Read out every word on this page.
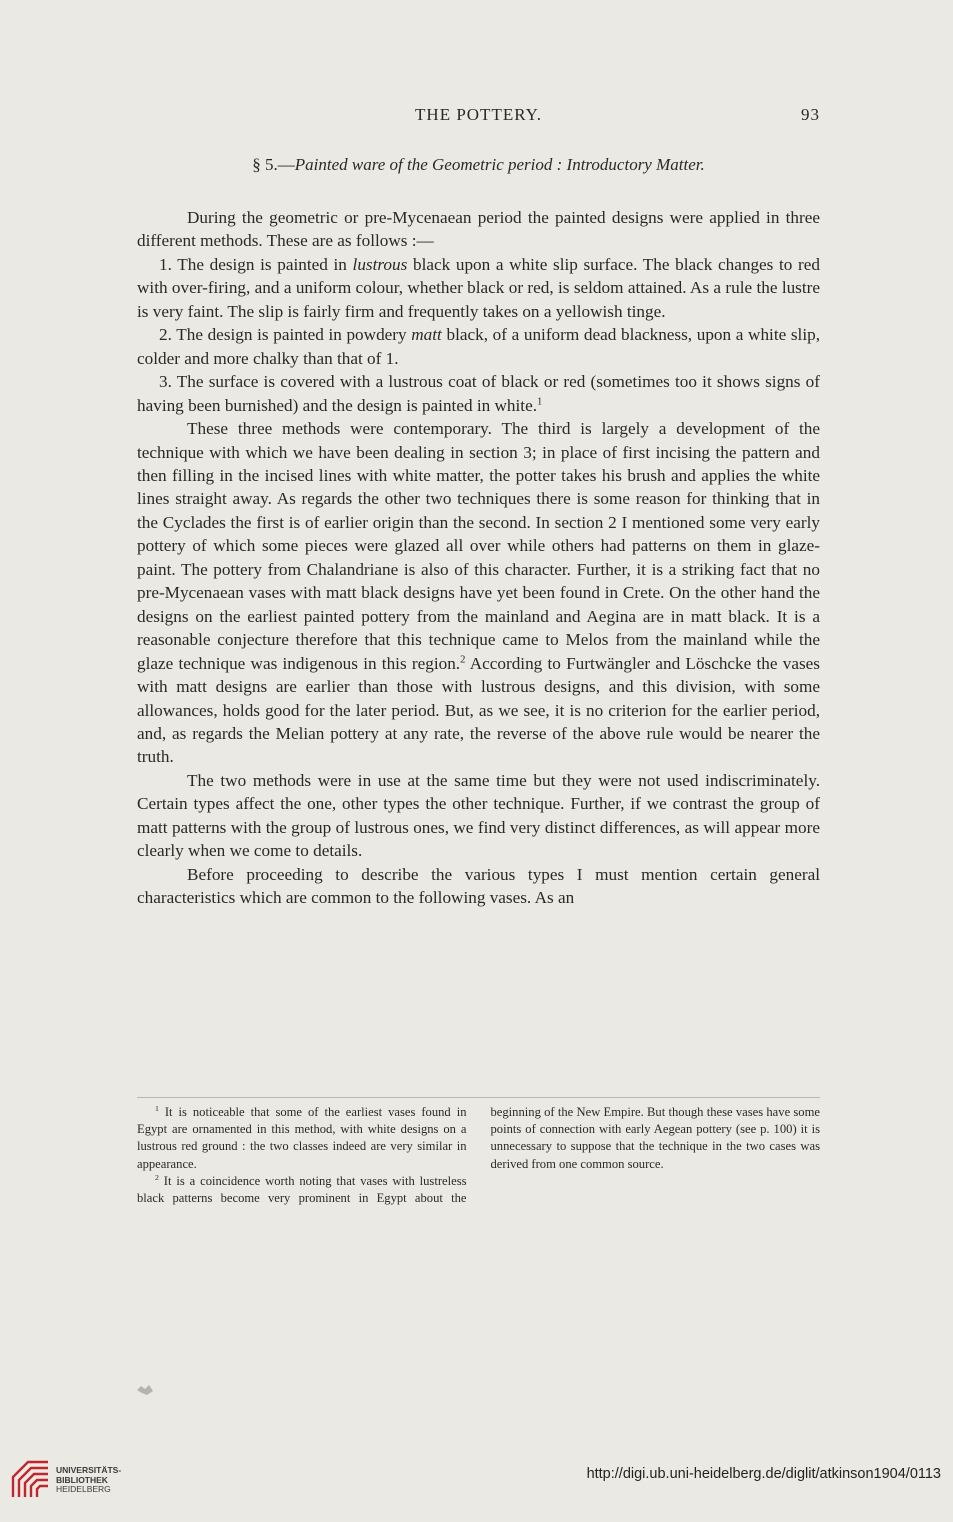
THE POTTERY.	93
§ 5.—Painted ware of the Geometric period : Introductory Matter.

During the geometric or pre-Mycenaean period the painted designs were applied in three different methods. These are as follows :—

1. The design is painted in lustrous black upon a white slip surface. The black changes to red with over-firing, and a uniform colour, whether black or red, is seldom attained. As a rule the lustre is very faint. The slip is fairly firm and frequently takes on a yellowish tinge.

2. The design is painted in powdery matt black, of a uniform dead blackness, upon a white slip, colder and more chalky than that of 1.

3. The surface is covered with a lustrous coat of black or red (sometimes too it shows signs of having been burnished) and the design is painted in white.$^1$

These three methods were contemporary. The third is largely a development of the technique with which we have been dealing in section 3; in place of first incising the pattern and then filling in the incised lines with white matter, the potter takes his brush and applies the white lines straight away. As regards the other two techniques there is some reason for thinking that in the Cyclades the first is of earlier origin than the second. In section 2 I mentioned some very early pottery of which some pieces were glazed all over while others had patterns on them in glaze-paint. The pottery from Chalandriane is also of this character. Further, it is a striking fact that no pre-Mycenaean vases with matt black designs have yet been found in Crete. On the other hand the designs on the earliest painted pottery from the mainland and Aegina are in matt black. It is a reasonable conjecture therefore that this technique came to Melos from the mainland while the glaze technique was indigenous in this region.$^2$ According to Furtwängler and Löschcke the vases with matt designs are earlier than those with lustrous designs, and this division, with some allowances, holds good for the later period. But, as we see, it is no criterion for the earlier period, and, as regards the Melian pottery at any rate, the reverse of the above rule would be nearer the truth.

The two methods were in use at the same time but they were not used indiscriminately. Certain types affect the one, other types the other technique. Further, if we contrast the group of matt patterns with the group of lustrous ones, we find very distinct differences, as will appear more clearly when we come to details.

Before proceeding to describe the various types I must mention certain general characteristics which are common to the following vases. As an

$^1$ It is noticeable that some of the earliest vases found in Egypt are ornamented in this method, with white designs on a lustrous red ground : the two classes indeed are very similar in appearance.

$^2$ It is a coincidence worth noting that vases with lustreless black patterns become very prominent in Egypt about the beginning of the New Empire. But though these vases have some points of connection with early Aegean pottery (see p. 100) it is unnecessary to suppose that the technique in the two cases was derived from one common source.

UNIVERSITÄTS-
BIBLIOTHEK
HEIDELBERG
http://digi.ub.uni-heidelberg.de/diglit/atkinson1904/0113
